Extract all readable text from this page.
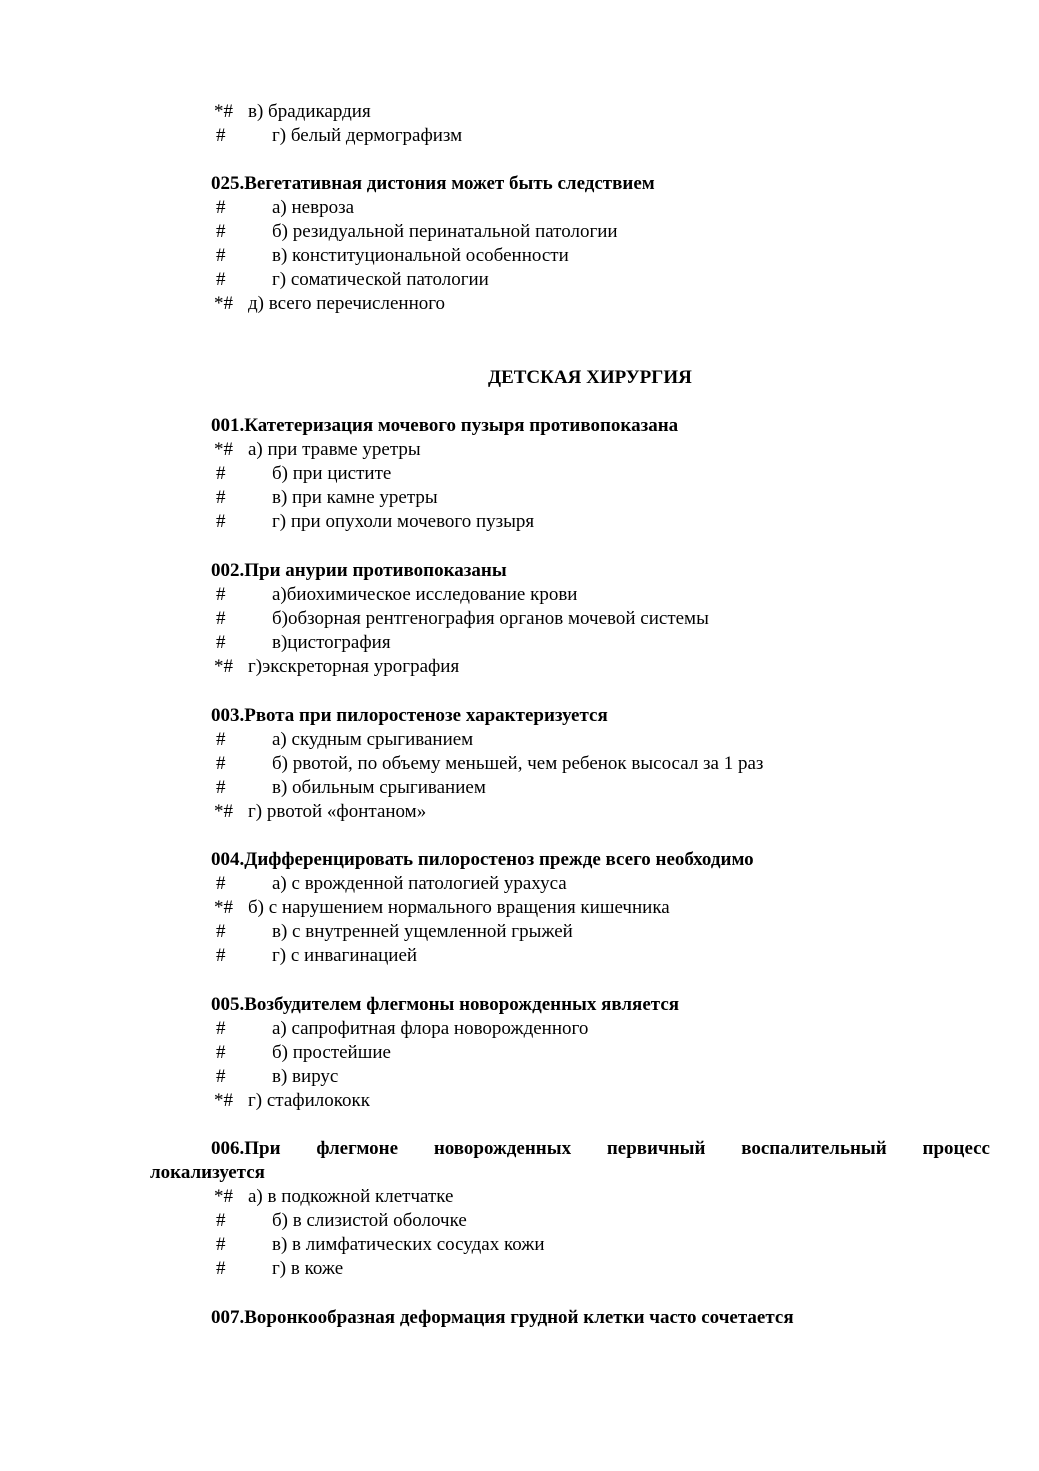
*# в) брадикардия
# г) белый дермографизм
025.Вегетативная дистония может быть следствием
# а) невроза
# б) резидуальной перинатальной патологии
# в) конституциональной особенности
# г) соматической патологии
*# д) всего перечисленного
ДЕТСКАЯ ХИРУРГИЯ
001.Катетеризация мочевого пузыря противопоказана
*# а) при травме уретры
# б) при цистите
# в) при камне уретры
# г) при опухоли мочевого пузыря
002.При анурии противопоказаны
# а)биохимическое исследование крови
# б)обзорная рентгенография органов мочевой системы
# в)цистография
*# г)экскреторная урография
003.Рвота при пилоростенозе характеризуется
# а) скудным срыгиванием
# б) рвотой, по объему меньшей, чем ребенок высосал за 1 раз
# в) обильным срыгиванием
*# г) рвотой «фонтаном»
004.Дифференцировать пилоростеноз прежде всего необходимо
# а) с врожденной патологией урахуса
*# б) с нарушением нормального вращения кишечника
# в) с внутренней ущемленной грыжей
# г) с инвагинацией
005.Возбудителем флегмоны новорожденных является
# а) сапрофитная флора новорожденного
# б) простейшие
# в) вирус
*# г) стафилококк
006.При флегмоне новорожденных первичный воспалительный процесс
локализуется
*# а) в подкожной клетчатке
# б) в слизистой оболочке
# в) в лимфатических сосудах кожи
# г) в коже
007.Воронкообразная деформация грудной клетки часто сочетается
